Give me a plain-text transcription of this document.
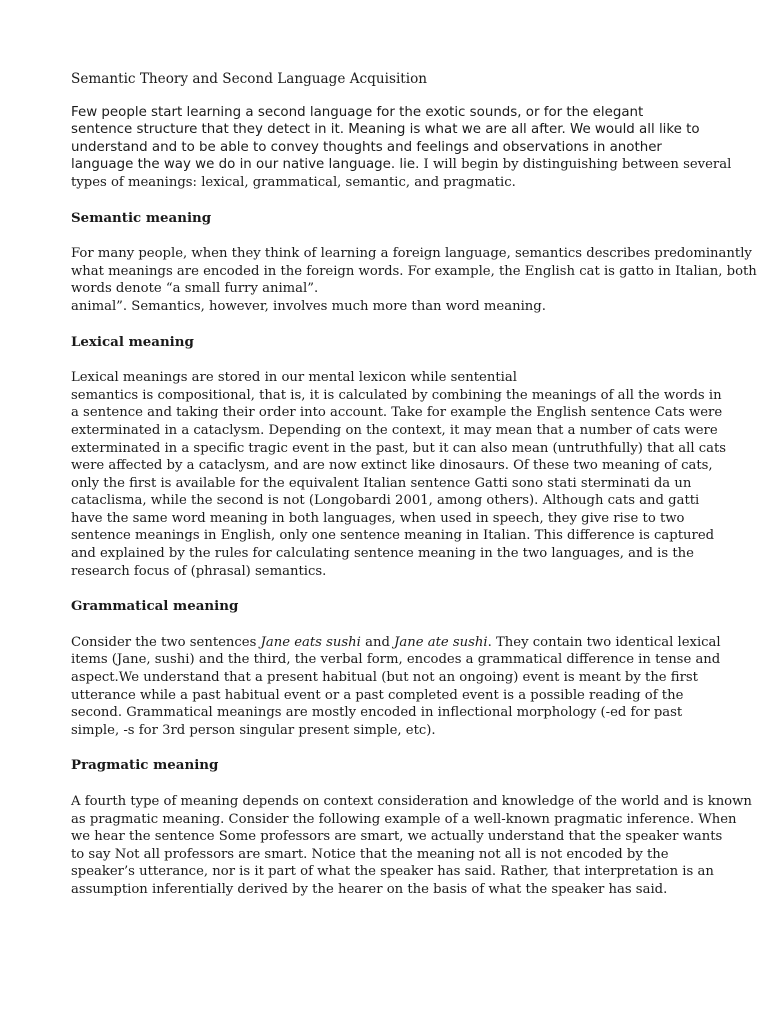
Semantic Theory and Second Language Acquisition

Few people start learning a second language for the exotic sounds, or for the elegant
sentence structure that they detect in it. Meaning is what we are all after. We would all like to
understand and to be able to convey thoughts and feelings and observations in another
language the way we do in our native language. lie. I will begin by distinguishing between several
types of meanings: lexical, grammatical, semantic, and pragmatic.

Semantic meaning

For many people, when they think of learning a foreign language, semantics describes predominantly
what meanings are encoded in the foreign words. For example, the English cat is gatto in Italian, both
words denote “a small furry animal”.
animal”. Semantics, however, involves much more than word meaning.

Lexical meaning

Lexical meanings are stored in our mental lexicon while sentential
semantics is compositional, that is, it is calculated by combining the meanings of all the words in
a sentence and taking their order into account. Take for example the English sentence Cats were
exterminated in a cataclysm. Depending on the context, it may mean that a number of cats were
exterminated in a specific tragic event in the past, but it can also mean (untruthfully) that all cats
were affected by a cataclysm, and are now extinct like dinosaurs. Of these two meaning of cats,
only the first is available for the equivalent Italian sentence Gatti sono stati sterminati da un
cataclisma, while the second is not (Longobardi 2001, among others). Although cats and gatti
have the same word meaning in both languages, when used in speech, they give rise to two
sentence meanings in English, only one sentence meaning in Italian. This difference is captured
and explained by the rules for calculating sentence meaning in the two languages, and is the
research focus of (phrasal) semantics.

Grammatical meaning

Consider the two sentences Jane eats sushi and Jane ate sushi. They contain two identical lexical
items (Jane, sushi) and the third, the verbal form, encodes a grammatical difference in tense and
aspect.We understand that a present habitual (but not an ongoing) event is meant by the first
utterance while a past habitual event or a past completed event is a possible reading of the
second. Grammatical meanings are mostly encoded in inflectional morphology (-ed for past
simple, -s for 3rd person singular present simple, etc).

Pragmatic meaning

A fourth type of meaning depends on context consideration and knowledge of the world and is known
as pragmatic meaning. Consider the following example of a well-known pragmatic inference. When
we hear the sentence Some professors are smart, we actually understand that the speaker wants
to say Not all professors are smart. Notice that the meaning not all is not encoded by the
speaker’s utterance, nor is it part of what the speaker has said. Rather, that interpretation is an
assumption inferentially derived by the hearer on the basis of what the speaker has said.
